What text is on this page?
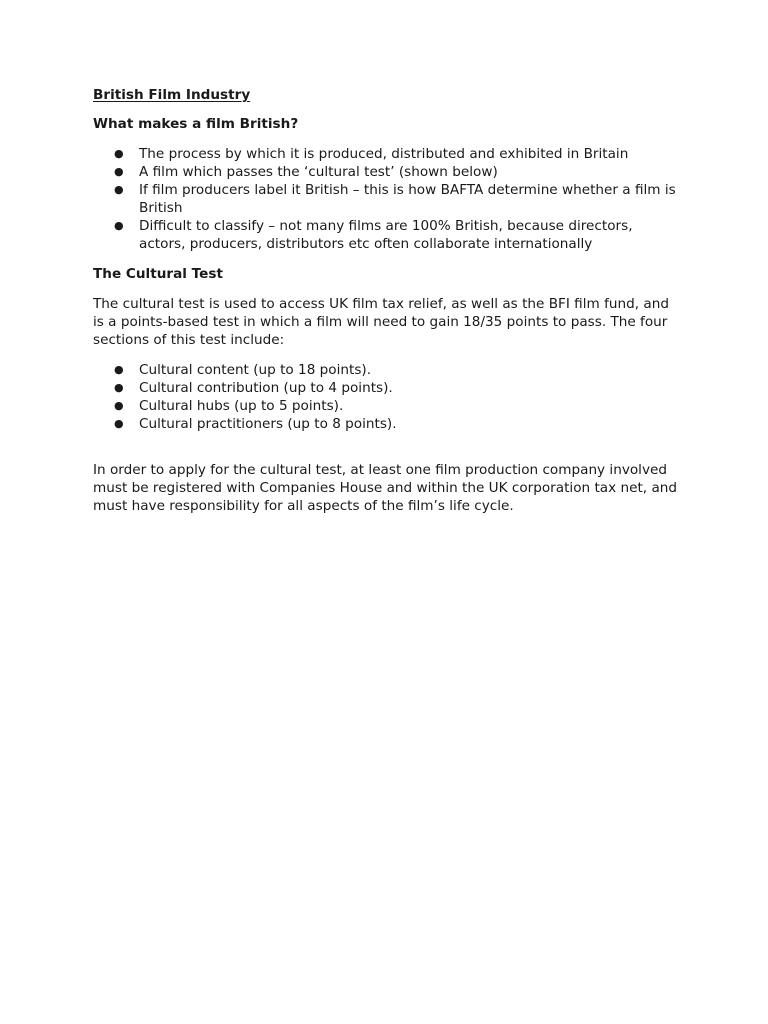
British Film Industry
What makes a film British?
● The process by which it is produced, distributed and exhibited in Britain
● A film which passes the ‘cultural test’ (shown below)
● If film producers label it British – this is how BAFTA determine whether a film is British
● Difficult to classify – not many films are 100% British, because directors, actors, producers, distributors etc often collaborate internationally
The Cultural Test

The cultural test is used to access UK film tax relief, as well as the BFI film fund, and is a points-based test in which a film will need to gain 18/35 points to pass. The four sections of this test include:

● Cultural content (up to 18 points).
● Cultural contribution (up to 4 points).
● Cultural hubs (up to 5 points).
● Cultural practitioners (up to 8 points).

In order to apply for the cultural test, at least one film production company involved must be registered with Companies House and within the UK corporation tax net, and must have responsibility for all aspects of the film’s life cycle.
